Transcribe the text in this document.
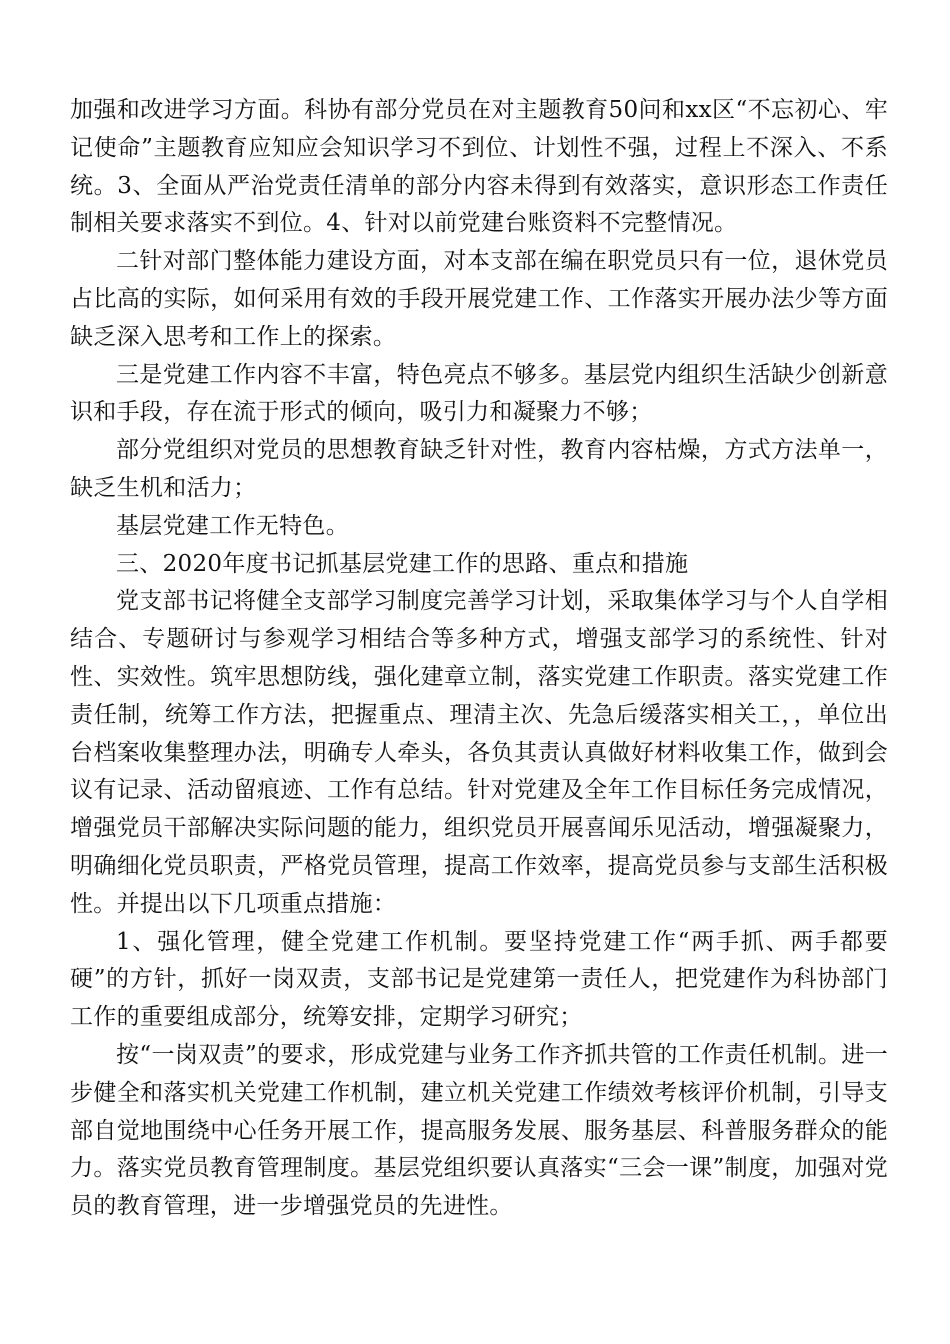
加强和改进学习方面。科协有部分党员在对主题教育50问和xx区“不忘初心、牢记使命”主题教育应知应会知识学习不到位、计划性不强，过程上不深入、不系统。3、全面从严治党责任清单的部分内容未得到有效落实，意识形态工作责任制相关要求落实不到位。4、针对以前党建台账资料不完整情况。

二针对部门整体能力建设方面，对本支部在编在职党员只有一位，退休党员占比高的实际，如何采用有效的手段开展党建工作、工作落实开展办法少等方面缺乏深入思考和工作上的探索。

三是党建工作内容不丰富，特色亮点不够多。基层党内组织生活缺少创新意识和手段，存在流于形式的倾向，吸引力和凝聚力不够；

部分党组织对党员的思想教育缺乏针对性，教育内容枯燥，方式方法单一，缺乏生机和活力；

基层党建工作无特色。

三、2020年度书记抓基层党建工作的思路、重点和措施

党支部书记将健全支部学习制度完善学习计划，采取集体学习与个人自学相结合、专题研讨与参观学习相结合等多种方式，增强支部学习的系统性、针对性、实效性。筑牢思想防线，强化建章立制，落实党建工作职责。落实党建工作责任制，统筹工作方法，把握重点、理清主次、先急后缓落实相关工，，单位出台档案收集整理办法，明确专人牵头，各负其责认真做好材料收集工作，做到会议有记录、活动留痕迹、工作有总结。针对党建及全年工作目标任务完成情况，增强党员干部解决实际问题的能力，组织党员开展喜闻乐见活动，增强凝聚力，明确细化党员职责，严格党员管理，提高工作效率，提高党员参与支部生活积极性。并提出以下几项重点措施：

1、强化管理，健全党建工作机制。要坚持党建工作“两手抓、两手都要硬”的方针，抓好一岗双责，支部书记是党建第一责任人，把党建作为科协部门工作的重要组成部分，统筹安排，定期学习研究；

按“一岗双责”的要求，形成党建与业务工作齐抓共管的工作责任机制。进一步健全和落实机关党建工作机制，建立机关党建工作绩效考核评价机制，引导支部自觉地围绕中心任务开展工作，提高服务发展、服务基层、科普服务群众的能力。落实党员教育管理制度。基层党组织要认真落实“三会一课”制度，加强对党员的教育管理，进一步增强党员的先进性。
